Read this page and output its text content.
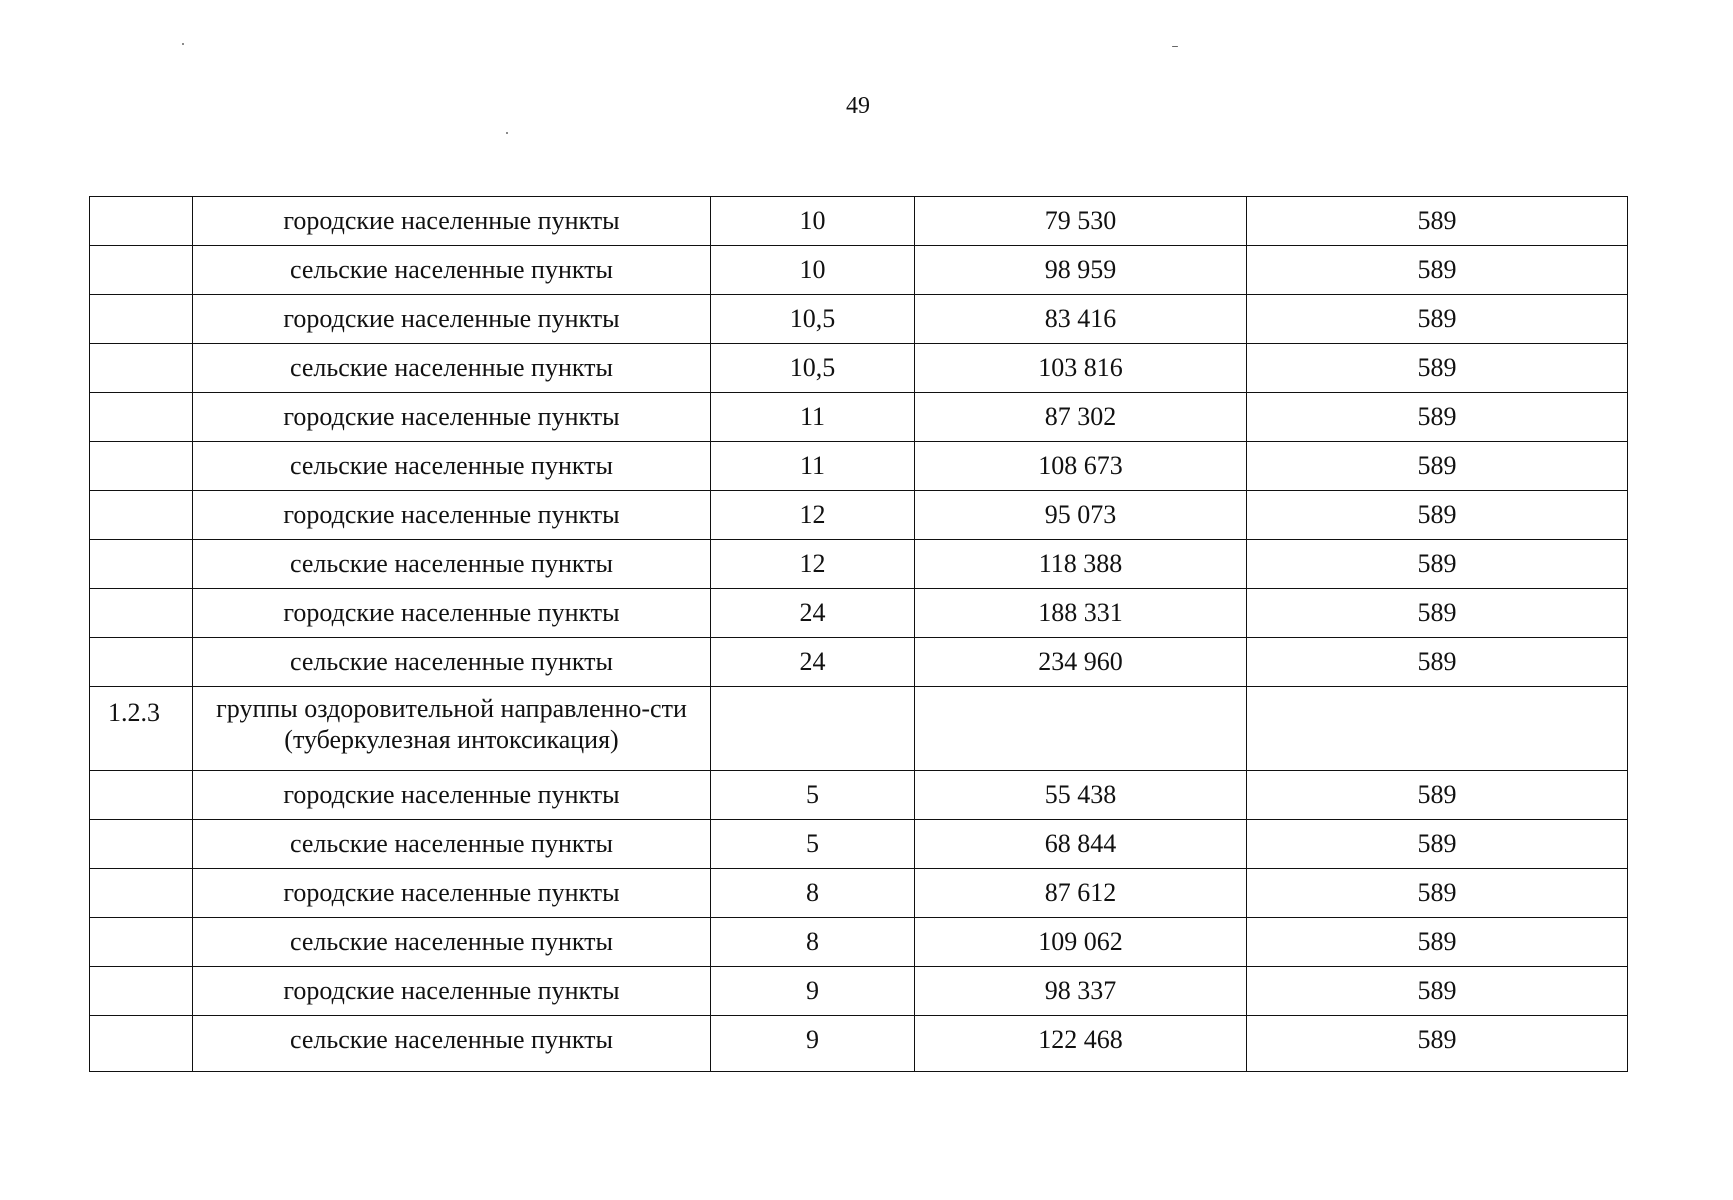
49
	городские населенные пункты	10	79 530	589
	сельские населенные пункты	10	98 959	589
	городские населенные пункты	10,5	83 416	589
	сельские населенные пункты	10,5	103 816	589
	городские населенные пункты	11	87 302	589
	сельские населенные пункты	11	108 673	589
	городские населенные пункты	12	95 073	589
	сельские населенные пункты	12	118 388	589
	городские населенные пункты	24	188 331	589
	сельские населенные пункты	24	234 960	589
1.2.3	группы оздоровительной направленно-сти (туберкулезная интоксикация)			
	городские населенные пункты	5	55 438	589
	сельские населенные пункты	5	68 844	589
	городские населенные пункты	8	87 612	589
	сельские населенные пункты	8	109 062	589
	городские населенные пункты	9	98 337	589
	сельские населенные пункты	9	122 468	589
